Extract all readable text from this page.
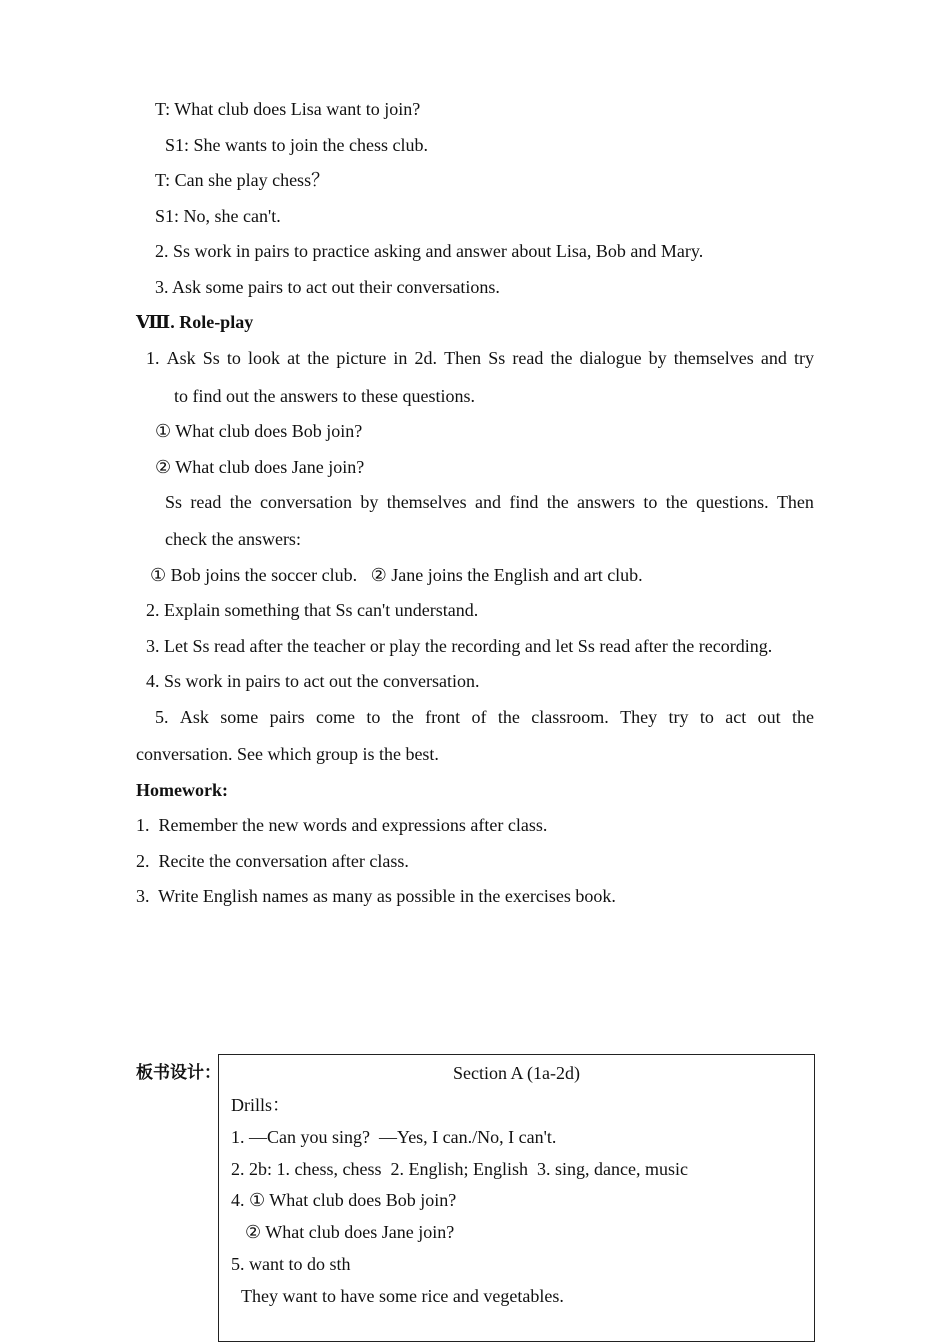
T: What club does Lisa want to join?
S1: She wants to join the chess club.
T: Can she play chess？
S1: No, she can't.
2. Ss work in pairs to practice asking and answer about Lisa, Bob and Mary.
3. Ask some pairs to act out their conversations.
Ⅷ. Role-play
1. Ask Ss to look at the picture in 2d. Then Ss read the dialogue by themselves and try
to find out the answers to these questions.
① What club does Bob join?
② What club does Jane join?
Ss read the conversation by themselves and find the answers to the questions. Then
check the answers:
① Bob joins the soccer club.   ② Jane joins the English and art club.
2. Explain something that Ss can't understand.
3. Let Ss read after the teacher or play the recording and let Ss read after the recording.
4. Ss work in pairs to act out the conversation.
5. Ask some pairs come to the front of the classroom. They try to act out the
conversation. See which group is the best.
Homework:
1.  Remember the new words and expressions after class.
2.  Recite the conversation after class.
3.  Write English names as many as possible in the exercises book.
板书设计：	Section A (1a-2d)
Drills：
1. —Can you sing?  —Yes, I can./No, I can't.
2. 2b: 1. chess, chess  2. English; English  3. sing, dance, music
4. ① What club does Bob join?
② What club does Jane join?
5. want to do sth
They want to have some rice and vegetables.
